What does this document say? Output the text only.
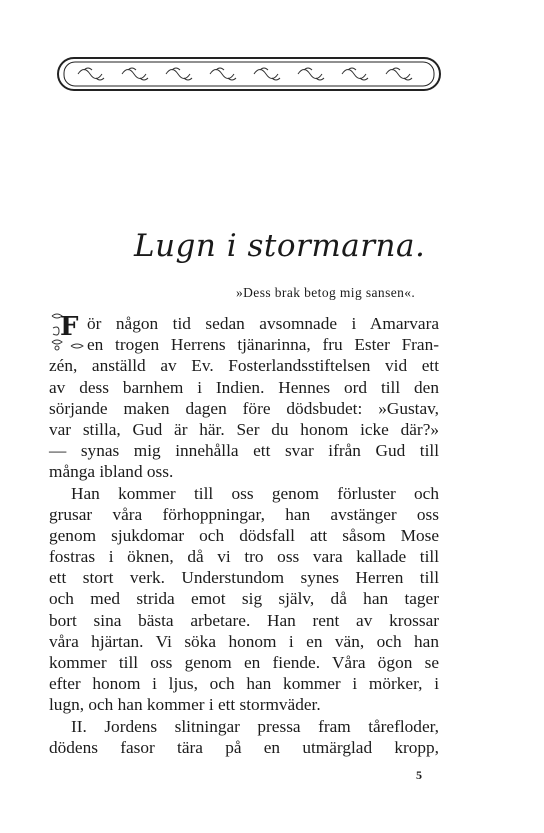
Lugn i stormarna.
»Dess brak betog mig sansen«.
F ör någon tid sedan avsomnade i Amarvara
en trogen Herrens tjänarinna, fru Ester Fran-
zén, anställd av Ev. Fosterlandsstiftelsen vid ett
av dess barnhem i Indien. Hennes ord till den
sörjande maken dagen före dödsbudet: »Gustav,
var stilla, Gud är här. Ser du honom icke där?»
— synas mig innehålla ett svar ifrån Gud till
många ibland oss.
Han kommer till oss genom förluster och
grusar våra förhoppningar, han avstänger oss
genom sjukdomar och dödsfall att såsom Mose
fostras i öknen, då vi tro oss vara kallade till
ett stort verk. Understundom synes Herren till
och med strida emot sig själv, då han tager
bort sina bästa arbetare. Han rent av krossar
våra hjärtan. Vi söka honom i en vän, och han
kommer till oss genom en fiende. Våra ögon se
efter honom i ljus, och han kommer i mörker, i
lugn, och han kommer i ett stormväder.
II. Jordens slitningar pressa fram tårefloder,
dödens fasor tära på en utmärglad kropp,
5
